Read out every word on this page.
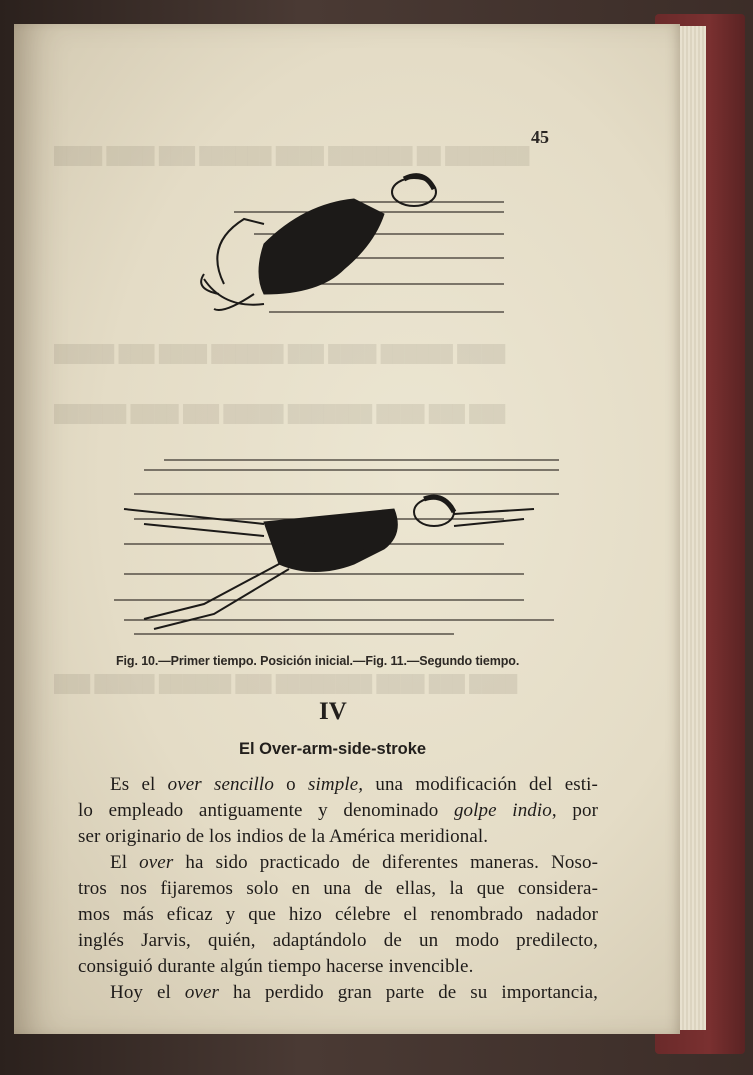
████ ████ ███ ██████ ████ ███████ ██ ███████
█████ ███ ████ ██████ ███ ████ ██████ ████
██████ ████ ███ █████ ███████ ████ ███ ███
███ █████ ██████ ███ ████████ ████ ███ ████
45
Fig. 10.—Primer tiempo. Posición inicial.—Fig. 11.—Segundo tiempo.
IV
El Over-arm-side-stroke

Es el over sencillo o simple, una modificación del esti-
lo empleado antiguamente y denominado golpe indio, por
ser originario de los indios de la América meridional.

El over ha sido practicado de diferentes maneras. Noso-
tros nos fijaremos solo en una de ellas, la que considera-
mos más eficaz y que hizo célebre el renombrado nadador
inglés Jarvis, quién, adaptándolo de un modo predilecto,
consiguió durante algún tiempo hacerse invencible.

Hoy el over ha perdido gran parte de su importancia,
